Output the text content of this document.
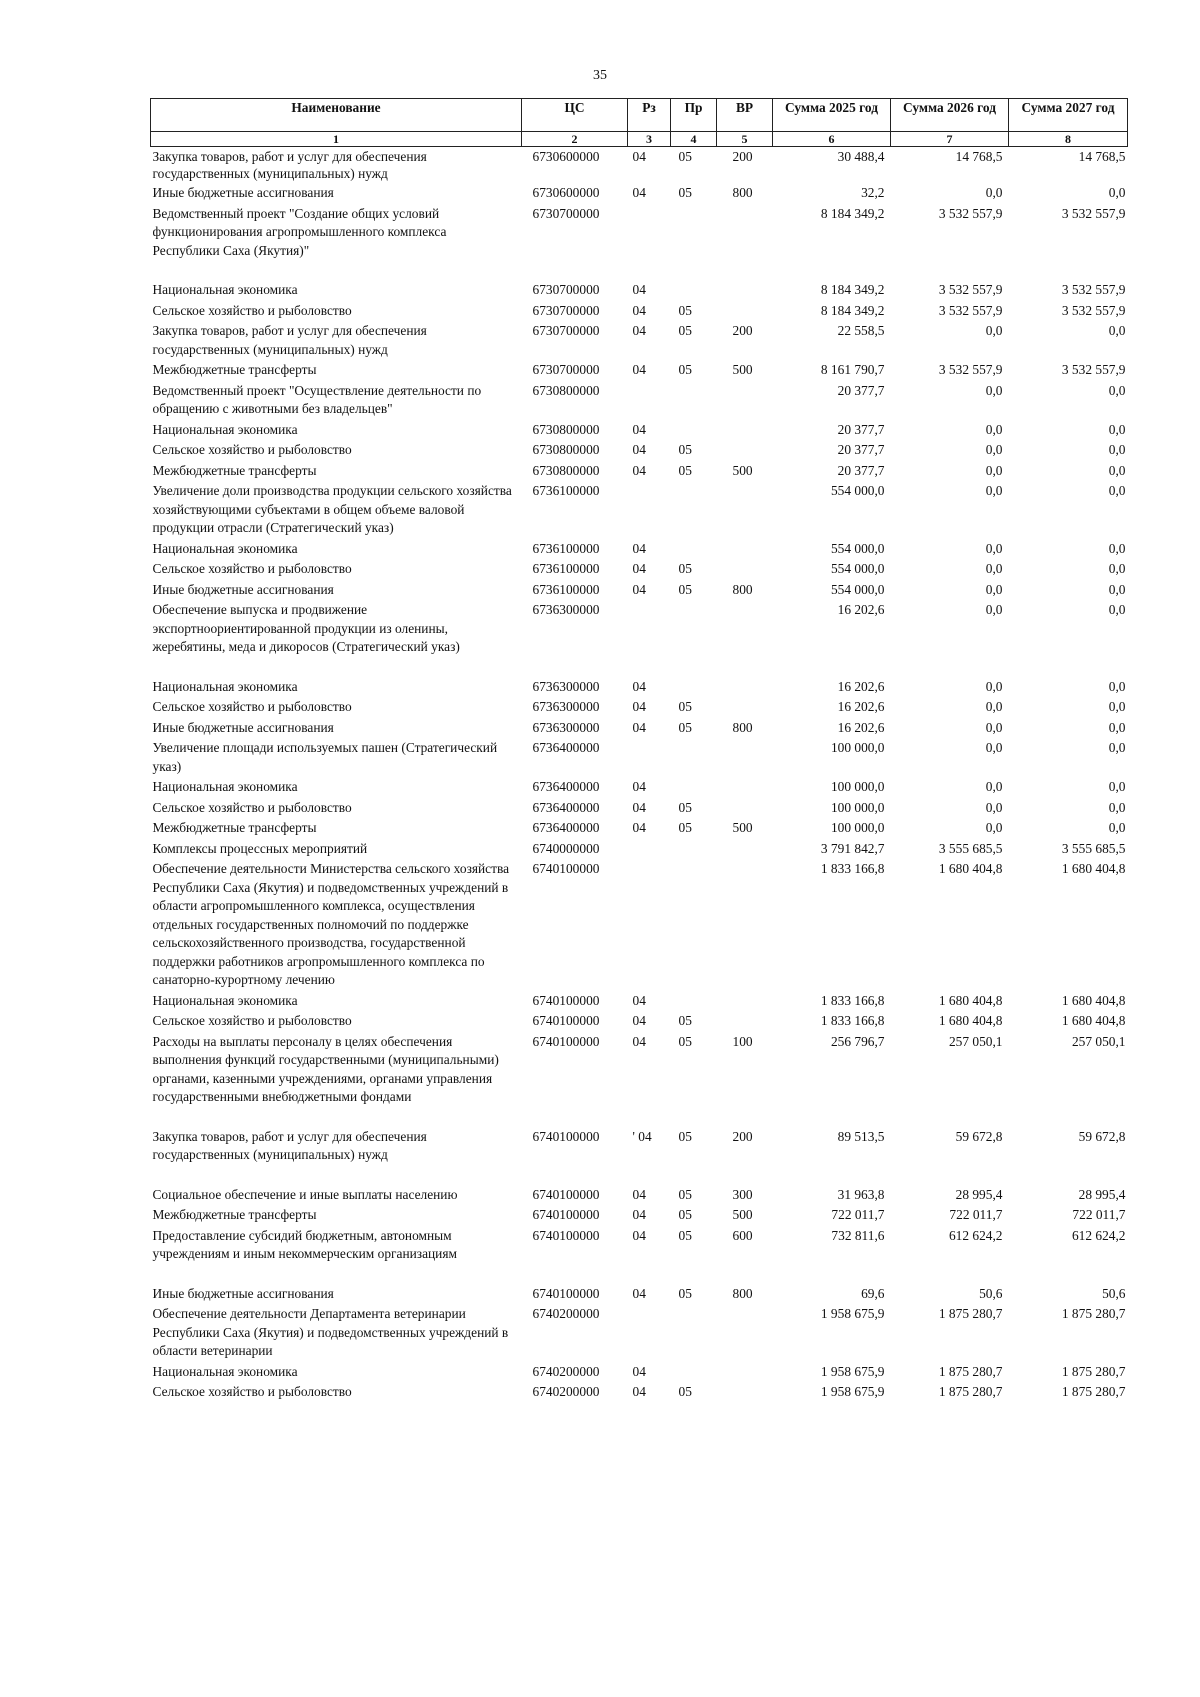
35
Наименование	ЦС	Рз	Пр	ВР	Сумма 2025 год	Сумма 2026 год	Сумма 2027 год
1	2	3	4	5	6	7	8
Закупка товаров, работ и услуг для обеспечения государственных (муниципальных) нужд	6730600000	04	05	200	30 488,4	14 768,5	14 768,5
Иные бюджетные ассигнования	6730600000	04	05	800	32,2	0,0	0,0
Ведомственный проект "Создание общих условий функционирования агропромышленного комплекса Республики Саха (Якутия)"	6730700000				8 184 349,2	3 532 557,9	3 532 557,9
Национальная экономика	6730700000	04			8 184 349,2	3 532 557,9	3 532 557,9
Сельское хозяйство и рыболовство	6730700000	04	05		8 184 349,2	3 532 557,9	3 532 557,9
Закупка товаров, работ и услуг для обеспечения государственных (муниципальных) нужд	6730700000	04	05	200	22 558,5	0,0	0,0
Межбюджетные трансферты	6730700000	04	05	500	8 161 790,7	3 532 557,9	3 532 557,9
Ведомственный проект "Осуществление деятельности по обращению с животными без владельцев"	6730800000				20 377,7	0,0	0,0
Национальная экономика	6730800000	04			20 377,7	0,0	0,0
Сельское хозяйство и рыболовство	6730800000	04	05		20 377,7	0,0	0,0
Межбюджетные трансферты	6730800000	04	05	500	20 377,7	0,0	0,0
Увеличение доли производства продукции сельского хозяйства хозяйствующими субъектами в общем объеме валовой продукции отрасли (Стратегический указ)	6736100000				554 000,0	0,0	0,0
Национальная экономика	6736100000	04			554 000,0	0,0	0,0
Сельское хозяйство и рыболовство	6736100000	04	05		554 000,0	0,0	0,0
Иные бюджетные ассигнования	6736100000	04	05	800	554 000,0	0,0	0,0
Обеспечение выпуска и продвижение экспортноориентированной продукции из оленины, жеребятины, меда и дикоросов (Стратегический указ)	6736300000				16 202,6	0,0	0,0
Национальная экономика	6736300000	04			16 202,6	0,0	0,0
Сельское хозяйство и рыболовство	6736300000	04	05		16 202,6	0,0	0,0
Иные бюджетные ассигнования	6736300000	04	05	800	16 202,6	0,0	0,0
Увеличение площади используемых пашен (Стратегический указ)	6736400000				100 000,0	0,0	0,0
Национальная экономика	6736400000	04			100 000,0	0,0	0,0
Сельское хозяйство и рыболовство	6736400000	04	05		100 000,0	0,0	0,0
Межбюджетные трансферты	6736400000	04	05	500	100 000,0	0,0	0,0
Комплексы процессных мероприятий	6740000000				3 791 842,7	3 555 685,5	3 555 685,5
Обеспечение деятельности Министерства сельского хозяйства Республики Саха (Якутия) и подведомственных учреждений в области агропромышленного комплекса, осуществления отдельных государственных полномочий по поддержке сельскохозяйственного производства, государственной поддержки работников агропромышленного комплекса по санаторно-курортному лечению	6740100000				1 833 166,8	1 680 404,8	1 680 404,8
Национальная экономика	6740100000	04			1 833 166,8	1 680 404,8	1 680 404,8
Сельское хозяйство и рыболовство	6740100000	04	05		1 833 166,8	1 680 404,8	1 680 404,8
Расходы на выплаты персоналу в целях обеспечения выполнения функций государственными (муниципальными) органами, казенными учреждениями, органами управления государственными внебюджетными фондами	6740100000	04	05	100	256 796,7	257 050,1	257 050,1
Закупка товаров, работ и услуг для обеспечения государственных (муниципальных) нужд	6740100000	' 04	05	200	89 513,5	59 672,8	59 672,8
Социальное обеспечение и иные выплаты населению	6740100000	04	05	300	31 963,8	28 995,4	28 995,4
Межбюджетные трансферты	6740100000	04	05	500	722 011,7	722 011,7	722 011,7
Предоставление субсидий бюджетным, автономным учреждениям и иным некоммерческим организациям	6740100000	04	05	600	732 811,6	612 624,2	612 624,2
Иные бюджетные ассигнования	6740100000	04	05	800	69,6	50,6	50,6
Обеспечение деятельности Департамента ветеринарии Республики Саха (Якутия) и подведомственных учреждений в области ветеринарии	6740200000				1 958 675,9	1 875 280,7	1 875 280,7
Национальная экономика	6740200000	04			1 958 675,9	1 875 280,7	1 875 280,7
Сельское хозяйство и рыболовство	6740200000	04	05		1 958 675,9	1 875 280,7	1 875 280,7
